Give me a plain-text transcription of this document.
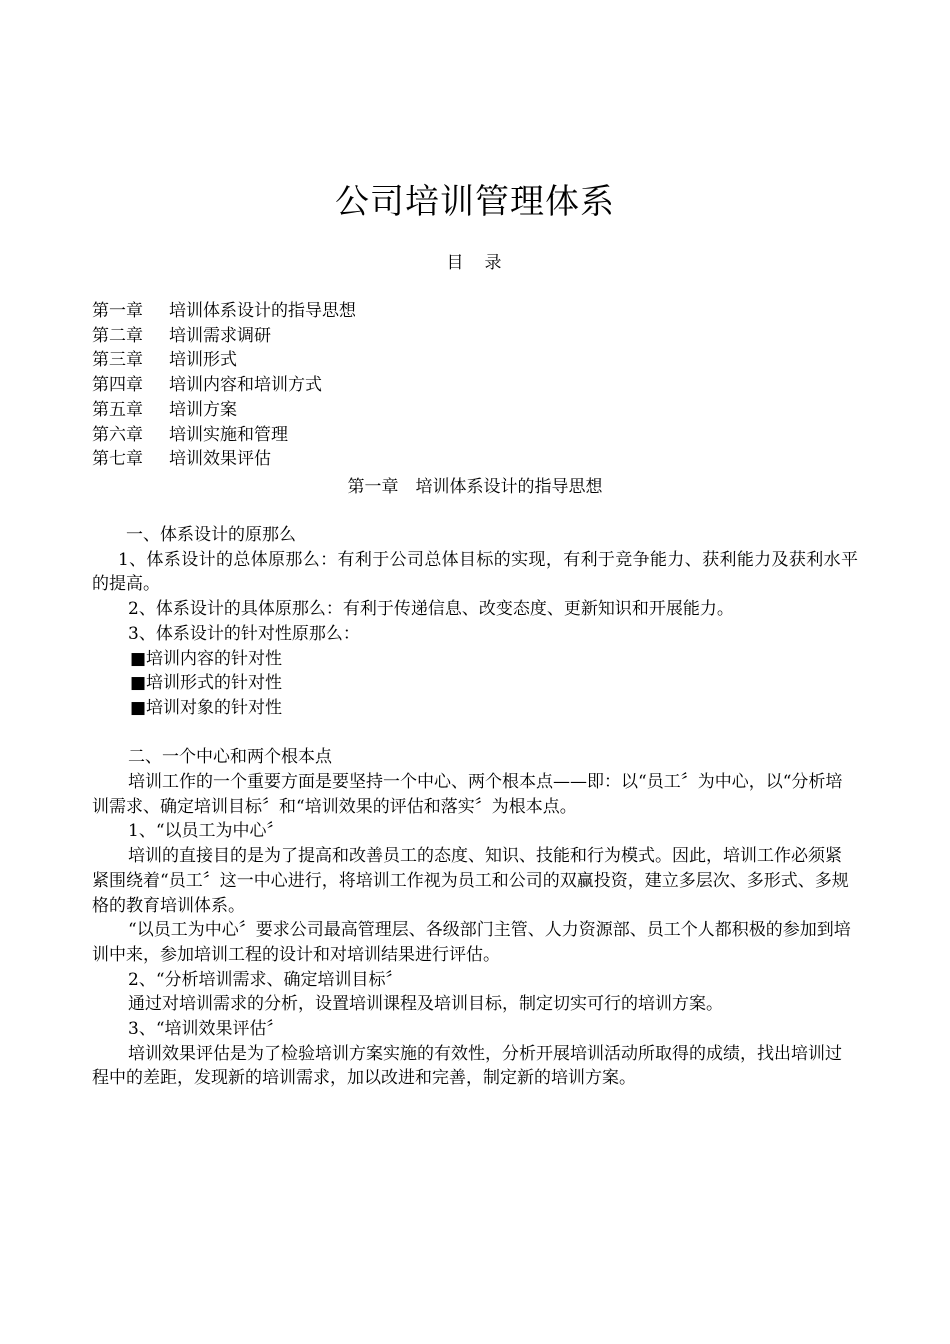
公司培训管理体系
目　录
第一章 培训体系设计的指导思想
第二章 培训需求调研
第三章 培训形式
第四章 培训内容和培训方式
第五章 培训方案
第六章 培训实施和管理
第七章 培训效果评估
第一章　培训体系设计的指导思想

一、体系设计的原那么

1、体系设计的总体原那么：有利于公司总体目标的实现，有利于竞争能力、获利能力及获利水平的提高。

2、体系设计的具体原那么：有利于传递信息、改变态度、更新知识和开展能力。

3、体系设计的针对性原那么：

■培训内容的针对性

■培训形式的针对性

■培训对象的针对性

二、一个中心和两个根本点

培训工作的一个重要方面是要坚持一个中心、两个根本点——即：以“员工〞为中心，以“分析培训需求、确定培训目标〞和“培训效果的评估和落实〞为根本点。

1、“以员工为中心〞

培训的直接目的是为了提高和改善员工的态度、知识、技能和行为模式。因此，培训工作必须紧紧围绕着“员工〞这一中心进行，将培训工作视为员工和公司的双赢投资，建立多层次、多形式、多规格的教育培训体系。

“以员工为中心〞要求公司最高管理层、各级部门主管、人力资源部、员工个人都积极的参加到培训中来，参加培训工程的设计和对培训结果进行评估。

2、“分析培训需求、确定培训目标〞

通过对培训需求的分析，设置培训课程及培训目标，制定切实可行的培训方案。

3、“培训效果评估〞

培训效果评估是为了检验培训方案实施的有效性，分析开展培训活动所取得的成绩，找出培训过程中的差距，发现新的培训需求，加以改进和完善，制定新的培训方案。
